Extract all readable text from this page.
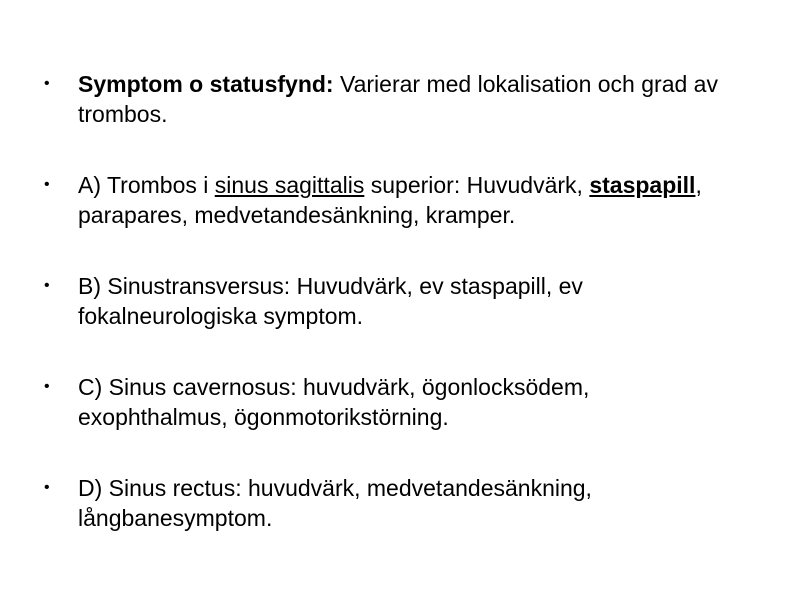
• Symptom o statusfynd: Varierar med lokalisation och grad av trombos.
• A) Trombos i sinus sagittalis superior: Huvudvärk, staspapill, parapares, medvetandesänkning, kramper.
• B) Sinustransversus: Huvudvärk, ev staspapill, ev fokalneurologiska symptom.
• C) Sinus cavernosus: huvudvärk, ögonlocksödem, exophthalmus, ögonmotorikstörning.
• D) Sinus rectus: huvudvärk, medvetandesänkning, långbanesymptom.
